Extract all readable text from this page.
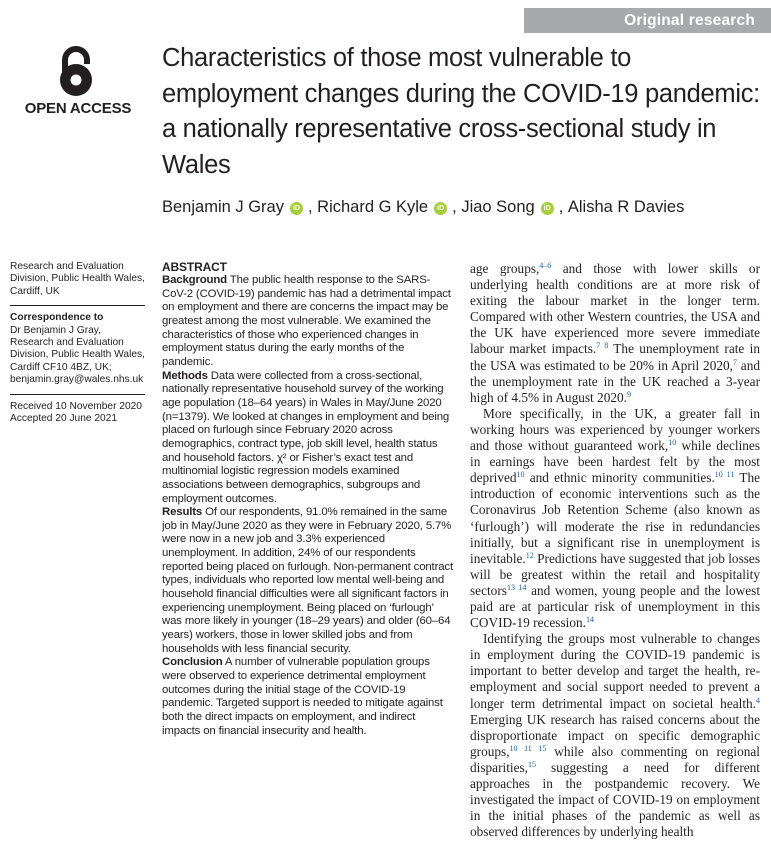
Original research
OPEN ACCESS
Characteristics of those most vulnerable to employment changes during the COVID-19 pandemic: a nationally representative cross-sectional study in Wales
Benjamin J Gray iD , Richard G Kyle iD , Jiao Song iD , Alisha R Davies
Research and Evaluation Division, Public Health Wales, Cardiff, UK
Correspondence to
Dr Benjamin J Gray, Research and Evaluation Division, Public Health Wales, Cardiff CF10 4BZ, UK; benjamin.gray@wales.nhs.uk
Received 10 November 2020
Accepted 20 June 2021
ABSTRACT
Background The public health response to the SARS-CoV-2 (COVID-19) pandemic has had a detrimental impact on employment and there are concerns the impact may be greatest among the most vulnerable. We examined the characteristics of those who experienced changes in employment status during the early months of the pandemic.
Methods Data were collected from a cross-sectional, nationally representative household survey of the working age population (18–64 years) in Wales in May/June 2020 (n=1379). We looked at changes in employment and being placed on furlough since February 2020 across demographics, contract type, job skill level, health status and household factors. χ² or Fisher’s exact test and multinomial logistic regression models examined associations between demographics, subgroups and employment outcomes.
Results Of our respondents, 91.0% remained in the same job in May/June 2020 as they were in February 2020, 5.7% were now in a new job and 3.3% experienced unemployment. In addition, 24% of our respondents reported being placed on furlough. Non-permanent contract types, individuals who reported low mental well-being and household financial difficulties were all significant factors in experiencing unemployment. Being placed on ‘furlough’ was more likely in younger (18–29 years) and older (60–64 years) workers, those in lower skilled jobs and from households with less financial security.
Conclusion A number of vulnerable population groups were observed to experience detrimental employment outcomes during the initial stage of the COVID-19 pandemic. Targeted support is needed to mitigate against both the direct impacts on employment, and indirect impacts on financial insecurity and health.

age groups,$^{4-6}$ and those with lower skills or underlying health conditions are at more risk of exiting the labour market in the longer term. Compared with other Western countries, the USA and the UK have experienced more severe immediate labour market impacts.$^{7 8}$ The unemployment rate in the USA was estimated to be 20% in April 2020,$^7$ and the unemployment rate in the UK reached a 3-year high of 4.5% in August 2020.$^9$

More specifically, in the UK, a greater fall in working hours was experienced by younger workers and those without guaranteed work,$^{10}$ while declines in earnings have been hardest felt by the most deprived$^{10}$ and ethnic minority communities.$^{10 11}$ The introduction of economic interventions such as the Coronavirus Job Retention Scheme (also known as ‘furlough’) will moderate the rise in redundancies initially, but a significant rise in unemployment is inevitable.$^{12}$ Predictions have suggested that job losses will be greatest within the retail and hospitality sectors$^{13 14}$ and women, young people and the lowest paid are at particular risk of unemployment in this COVID-19 recession.$^{14}$

Identifying the groups most vulnerable to changes in employment during the COVID-19 pandemic is important to better develop and target the health, re-employment and social support needed to prevent a longer term detrimental impact on societal health.$^4$ Emerging UK research has raised concerns about the disproportionate impact on specific demographic groups,$^{10 11 15}$ while also commenting on regional disparities,$^{15}$ suggesting a need for different approaches in the postpandemic recovery. We investigated the impact of COVID-19 on employment in the initial phases of the pandemic as well as observed differences by underlying health
